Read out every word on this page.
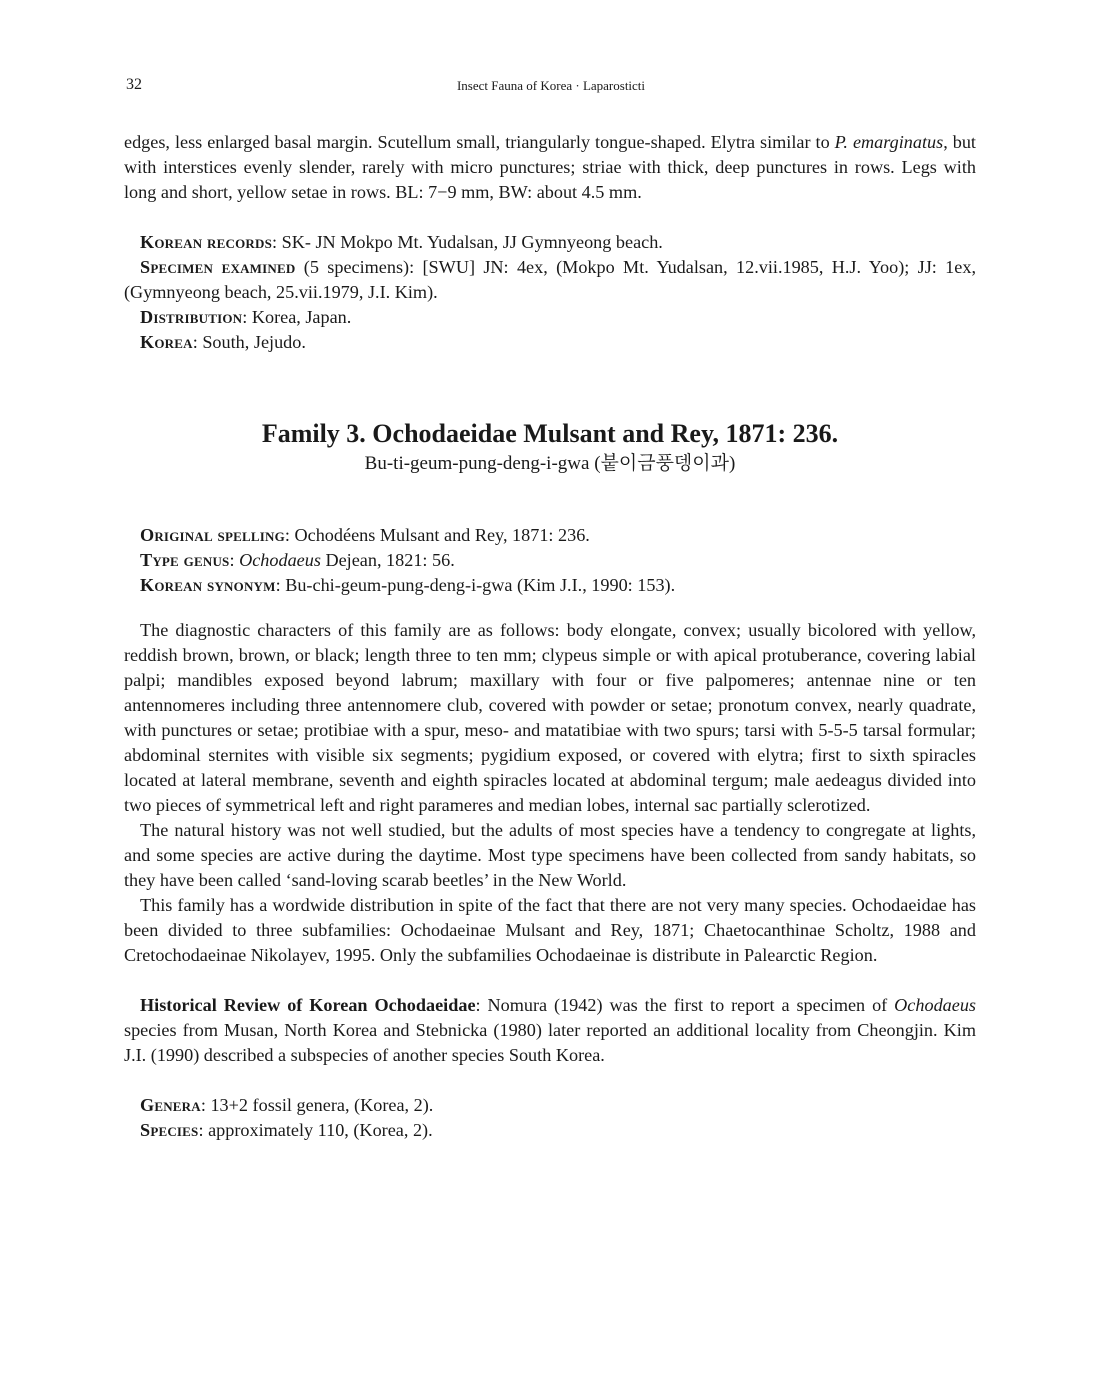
32	Insect Fauna of Korea · Laparosticti

edges, less enlarged basal margin. Scutellum small, triangularly tongue-shaped. Elytra similar to P. emarginatus, but with interstices evenly slender, rarely with micro punctures; striae with thick, deep punctures in rows. Legs with long and short, yellow setae in rows. BL: 7−9 mm, BW: about 4.5 mm.

Korean records: SK- JN Mokpo Mt. Yudalsan, JJ Gymnyeong beach.

Specimen examined (5 specimens): [SWU] JN: 4ex, (Mokpo Mt. Yudalsan, 12.vii.1985, H.J. Yoo); JJ: 1ex, (Gymnyeong beach, 25.vii.1979, J.I. Kim).

Distribution: Korea, Japan.

Korea: South, Jejudo.

Family 3. Ochodaeidae Mulsant and Rey, 1871: 236.

Bu-ti-geum-pung-deng-i-gwa (붙이금풍뎅이과)

Original spelling: Ochodéens Mulsant and Rey, 1871: 236.

Type genus: Ochodaeus Dejean, 1821: 56.

Korean synonym: Bu-chi-geum-pung-deng-i-gwa (Kim J.I., 1990: 153).

The diagnostic characters of this family are as follows: body elongate, convex; usually bicolored with yellow, reddish brown, brown, or black; length three to ten mm; clypeus simple or with apical protuberance, covering labial palpi; mandibles exposed beyond labrum; maxillary with four or five palpomeres; antennae nine or ten antennomeres including three antennomere club, covered with powder or setae; pronotum convex, nearly quadrate, with punctures or setae; protibiae with a spur, meso- and matatibiae with two spurs; tarsi with 5-5-5 tarsal formular; abdominal sternites with visible six segments; pygidium exposed, or covered with elytra; first to sixth spiracles located at lateral membrane, seventh and eighth spiracles located at abdominal tergum; male aedeagus divided into two pieces of symmetrical left and right parameres and median lobes, internal sac partially sclerotized.

The natural history was not well studied, but the adults of most species have a tendency to congregate at lights, and some species are active during the daytime. Most type specimens have been collected from sandy habitats, so they have been called ‘sand-loving scarab beetles’ in the New World.

This family has a wordwide distribution in spite of the fact that there are not very many species. Ochodaeidae has been divided to three subfamilies: Ochodaeinae Mulsant and Rey, 1871; Chaetocanthinae Scholtz, 1988 and Cretochodaeinae Nikolayev, 1995. Only the subfamilies Ochodaeinae is distribute in Palearctic Region.

Historical Review of Korean Ochodaeidae: Nomura (1942) was the first to report a specimen of Ochodaeus species from Musan, North Korea and Stebnicka (1980) later reported an additional locality from Cheongjin. Kim J.I. (1990) described a subspecies of another species South Korea.

Genera: 13+2 fossil genera, (Korea, 2).

Species: approximately 110, (Korea, 2).
